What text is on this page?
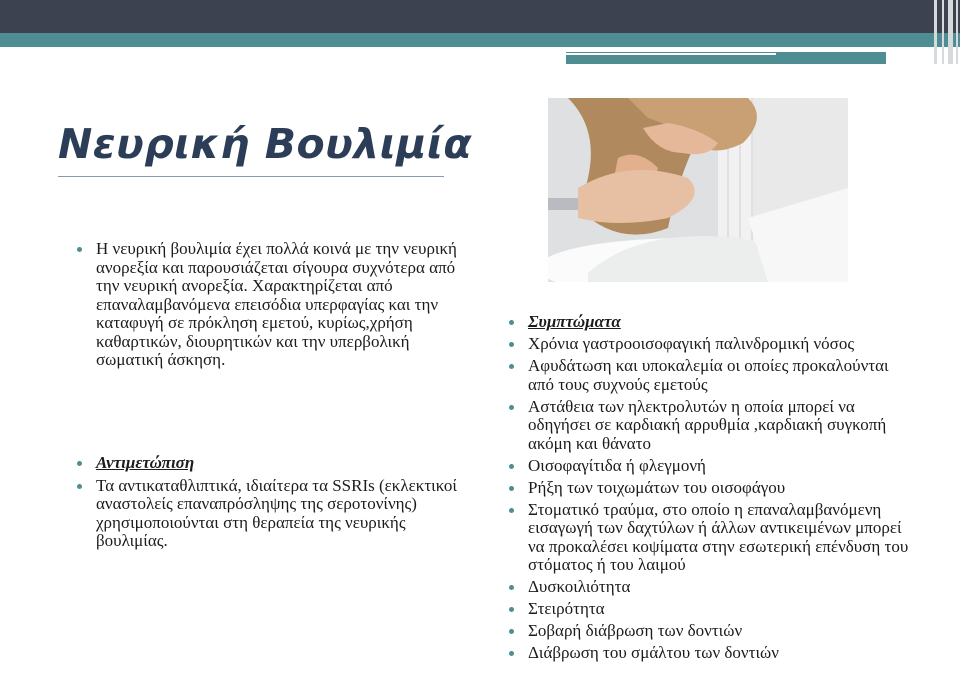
Νευρική Βουλιμία
Η νευρική βουλιμία έχει πολλά κοινά με την νευρική ανορεξία και παρουσιάζεται σίγουρα συχνότερα από την νευρική ανορεξία. Χαρακτηρίζεται από επαναλαμβανόμενα επεισόδια υπερφαγίας και την καταφυγή σε πρόκληση εμετού, κυρίως,χρήση καθαρτικών, διουρητικών και την υπερβολική σωματική άσκηση.
Αντιμετώπιση
Τα αντικαταθλιπτικά, ιδιαίτερα τα SSRIs (εκλεκτικοί αναστολείς επαναπρόσληψης της σεροτονίνης) χρησιμοποιούνται στη θεραπεία της νευρικής βουλιμίας.
Συμπτώματα
Χρόνια γαστροοισοφαγική παλινδρομική νόσος
Αφυδάτωση και υποκαλεμία οι οποίες προκαλούνται από τους συχνούς εμετούς
Αστάθεια των ηλεκτρολυτών η οποία μπορεί να οδηγήσει σε καρδιακή αρρυθμία ,καρδιακή συγκοπή ακόμη και θάνατο
Οισοφαγίτιδα ή φλεγμονή
Ρήξη των τοιχωμάτων του οισοφάγου
Στοματικό τραύμα, στο οποίο η επαναλαμβανόμενη εισαγωγή των δαχτύλων ή άλλων αντικειμένων μπορεί να προκαλέσει κοψίματα στην εσωτερική επένδυση του στόματος ή του λαιμού
Δυσκοιλιότητα
Στειρότητα
Σοβαρή διάβρωση των δοντιών
Διάβρωση του σμάλτου των δοντιών
